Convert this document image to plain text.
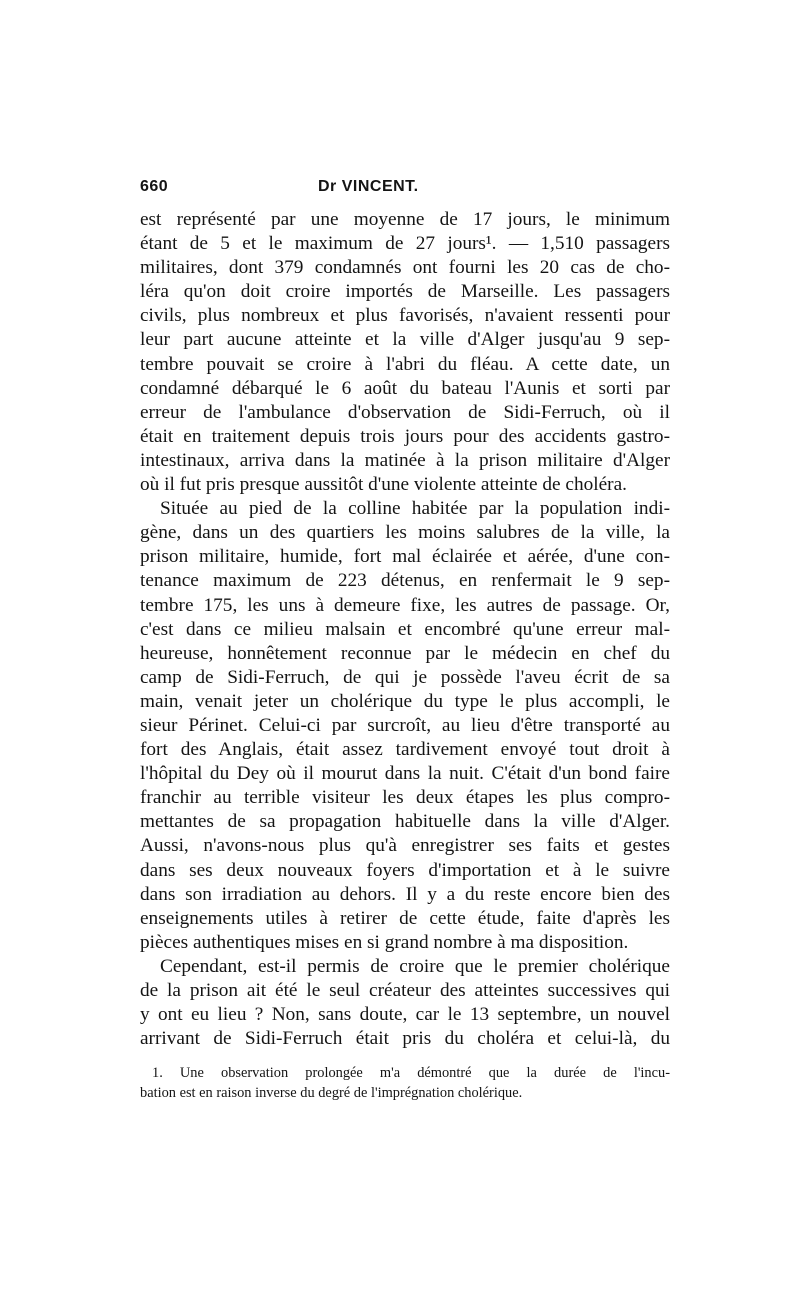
660	Dr VINCENT.
est représenté par une moyenne de 17 jours, le minimum
étant de 5 et le maximum de 27 jours¹. — 1,510 passagers
militaires, dont 379 condamnés ont fourni les 20 cas de cho-
léra qu'on doit croire importés de Marseille. Les passagers
civils, plus nombreux et plus favorisés, n'avaient ressenti pour
leur part aucune atteinte et la ville d'Alger jusqu'au 9 sep-
tembre pouvait se croire à l'abri du fléau. A cette date, un
condamné débarqué le 6 août du bateau l'Aunis et sorti par
erreur de l'ambulance d'observation de Sidi-Ferruch, où il
était en traitement depuis trois jours pour des accidents gastro-
intestinaux, arriva dans la matinée à la prison militaire d'Alger
où il fut pris presque aussitôt d'une violente atteinte de choléra.
Située au pied de la colline habitée par la population indi-
gène, dans un des quartiers les moins salubres de la ville, la
prison militaire, humide, fort mal éclairée et aérée, d'une con-
tenance maximum de 223 détenus, en renfermait le 9 sep-
tembre 175, les uns à demeure fixe, les autres de passage. Or,
c'est dans ce milieu malsain et encombré qu'une erreur mal-
heureuse, honnêtement reconnue par le médecin en chef du
camp de Sidi-Ferruch, de qui je possède l'aveu écrit de sa
main, venait jeter un cholérique du type le plus accompli, le
sieur Périnet. Celui-ci par surcroît, au lieu d'être transporté au
fort des Anglais, était assez tardivement envoyé tout droit à
l'hôpital du Dey où il mourut dans la nuit. C'était d'un bond faire
franchir au terrible visiteur les deux étapes les plus compro-
mettantes de sa propagation habituelle dans la ville d'Alger.
Aussi, n'avons-nous plus qu'à enregistrer ses faits et gestes
dans ses deux nouveaux foyers d'importation et à le suivre
dans son irradiation au dehors. Il y a du reste encore bien des
enseignements utiles à retirer de cette étude, faite d'après les
pièces authentiques mises en si grand nombre à ma disposition.
Cependant, est-il permis de croire que le premier cholérique
de la prison ait été le seul créateur des atteintes successives qui
y ont eu lieu ? Non, sans doute, car le 13 septembre, un nouvel
arrivant de Sidi-Ferruch était pris du choléra et celui-là, du
1. Une observation prolongée m'a démontré que la durée de l'incu-
bation est en raison inverse du degré de l'imprégnation cholérique.
